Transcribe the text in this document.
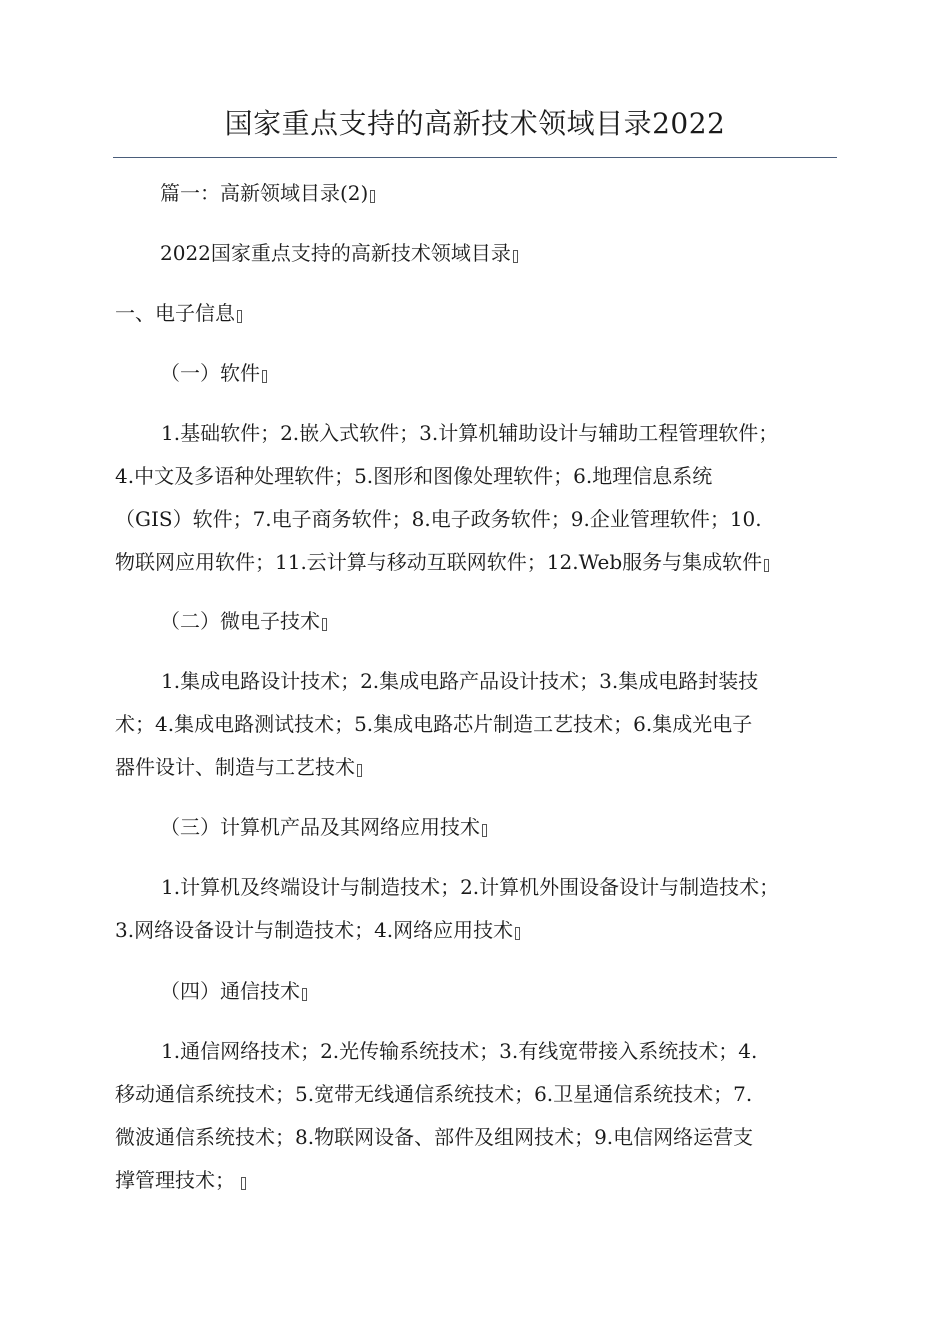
国家重点支持的高新技术领域目录2022

篇一：高新领域目录(2)

2022国家重点支持的高新技术领域目录

一、电子信息

（一）软件

1.基础软件；2.嵌入式软件；3.计算机辅助设计与辅助工程管理软件；
4.中文及多语种处理软件；5.图形和图像处理软件；6.地理信息系统
（GIS）软件；7.电子商务软件；8.电子政务软件；9.企业管理软件；10.
物联网应用软件；11.云计算与移动互联网软件；12.Web服务与集成软件

（二）微电子技术

1.集成电路设计技术；2.集成电路产品设计技术；3.集成电路封装技
术；4.集成电路测试技术；5.集成电路芯片制造工艺技术；6.集成光电子
器件设计、制造与工艺技术

（三）计算机产品及其网络应用技术

1.计算机及终端设计与制造技术；2.计算机外围设备设计与制造技术；
3.网络设备设计与制造技术；4.网络应用技术

（四）通信技术

1.通信网络技术；2.光传输系统技术；3.有线宽带接入系统技术；4.
移动通信系统技术；5.宽带无线通信系统技术；6.卫星通信系统技术；7.
微波通信系统技术；8.物联网设备、部件及组网技术；9.电信网络运营支
撑管理技术；
